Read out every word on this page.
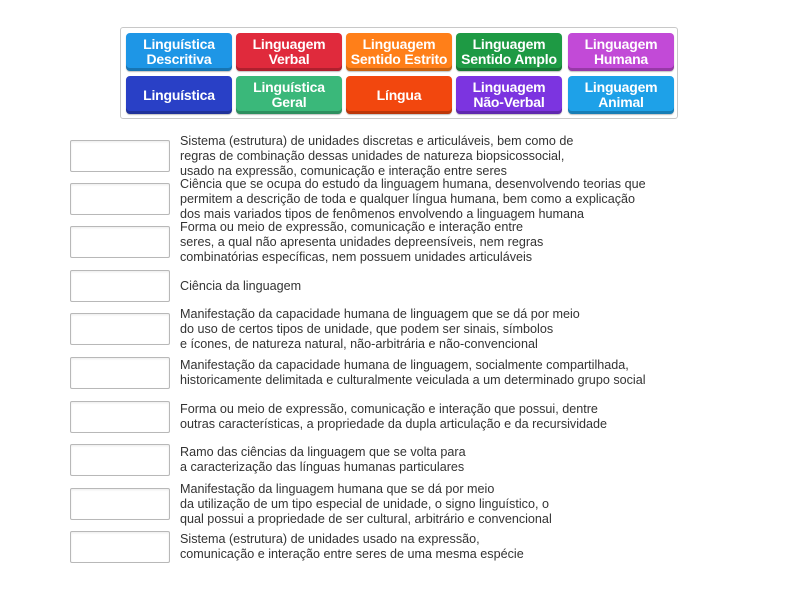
Linguística
Descritiva
Linguagem
Verbal
Linguagem
Sentido Estrito
Linguagem
Sentido Amplo
Linguagem
Humana
Linguística	Linguística
Geral	Língua	Linguagem
Não-Verbal
Linguagem
Animal
Sistema (estrutura) de unidades discretas e articuláveis, bem como de
regras de combinação dessas unidades de natureza biopsicossocial,
usado na expressão, comunicação e interação entre seres
Ciência que se ocupa do estudo da linguagem humana, desenvolvendo teorias que
permitem a descrição de toda e qualquer língua humana, bem como a explicação
dos mais variados tipos de fenômenos envolvendo a linguagem humana
Forma ou meio de expressão, comunicação e interação entre
seres, a qual não apresenta unidades depreensíveis, nem regras
combinatórias específicas, nem possuem unidades articuláveis
Ciência da linguagem
Manifestação da capacidade humana de linguagem que se dá por meio
do uso de certos tipos de unidade, que podem ser sinais, símbolos
e ícones, de natureza natural, não-arbitrária e não-convencional
Manifestação da capacidade humana de linguagem, socialmente compartilhada,
historicamente delimitada e culturalmente veiculada a um determinado grupo social
Forma ou meio de expressão, comunicação e interação que possui, dentre
outras características, a propriedade da dupla articulação e da recursividade
Ramo das ciências da linguagem que se volta para
a caracterização das línguas humanas particulares
Manifestação da linguagem humana que se dá por meio
da utilização de um tipo especial de unidade, o signo linguístico, o
qual possui a propriedade de ser cultural, arbitrário e convencional
Sistema (estrutura) de unidades usado na expressão,
comunicação e interação entre seres de uma mesma espécie
